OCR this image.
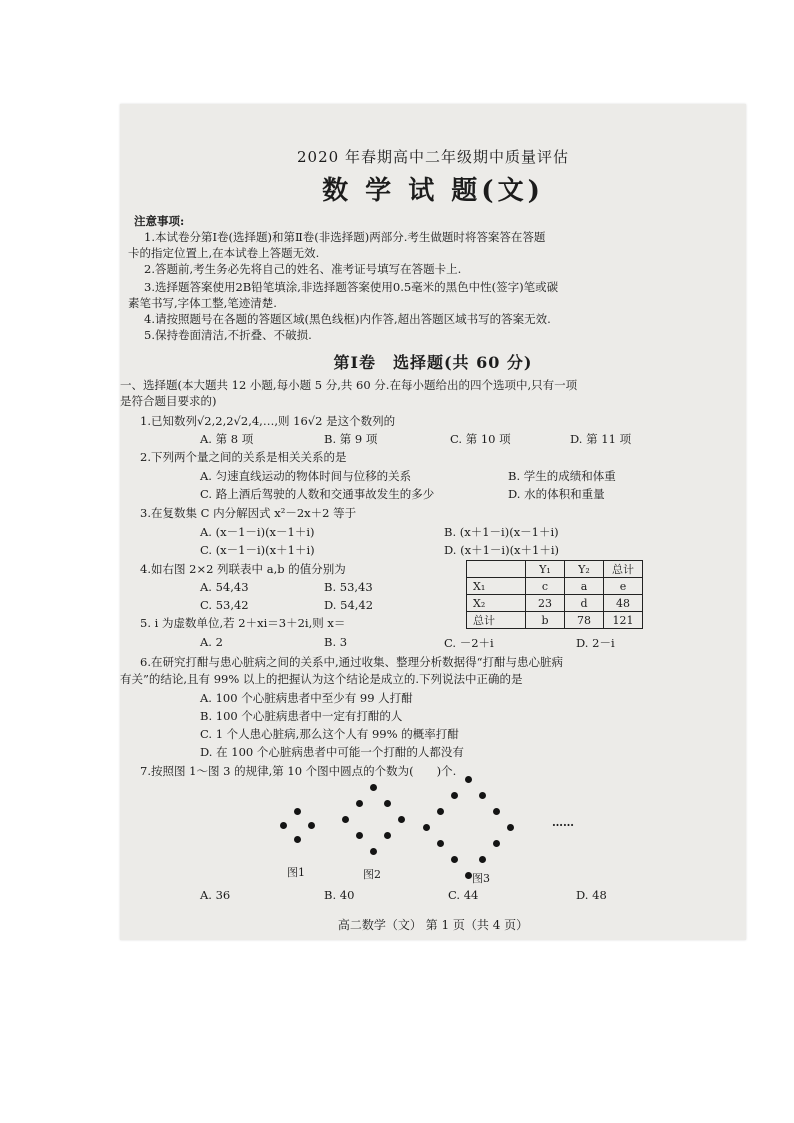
2020 年春期高中二年级期中质量评估
数 学 试 题(文)
注意事项:
1.本试卷分第Ⅰ卷(选择题)和第Ⅱ卷(非选择题)两部分.考生做题时将答案答在答题
卡的指定位置上,在本试卷上答题无效.
2.答题前,考生务必先将自己的姓名、准考证号填写在答题卡上.
3.选择题答案使用2B铅笔填涂,非选择题答案使用0.5毫米的黑色中性(签字)笔或碳
素笔书写,字体工整,笔迹清楚.
4.请按照题号在各题的答题区域(黑色线框)内作答,超出答题区域书写的答案无效.
5.保持卷面清洁,不折叠、不破损.
第Ⅰ卷　选择题(共 60 分)
一、选择题(本大题共 12 小题,每小题 5 分,共 60 分.在每小题给出的四个选项中,只有一项
是符合题目要求的)
1.已知数列√2,2,2√2,4,…,则 16√2 是这个数列的
A. 第 8 项	B. 第 9 项	C. 第 10 项	D. 第 11 项
2.下列两个量之间的关系是相关关系的是
A. 匀速直线运动的物体时间与位移的关系	B. 学生的成绩和体重
C. 路上酒后驾驶的人数和交通事故发生的多少	D. 水的体积和重量
3.在复数集 C 内分解因式 x²－2x＋2 等于
A. (x－1－i)(x－1＋i)	B. (x＋1－i)(x－1＋i)
C. (x－1－i)(x＋1＋i)	D. (x＋1－i)(x＋1＋i)
4.如右图 2×2 列联表中 a,b 的值分别为
A. 54,43	B. 53,43
C. 53,42	D. 54,42
	Y₁	Y₂	总计
X₁	c	a	e
X₂	23	d	48
总计	b	78	121
5. i 为虚数单位,若 2＋xi＝3＋2i,则 x＝
A. 2	B. 3	C. －2＋i	D. 2－i
6.在研究打酣与患心脏病之间的关系中,通过收集、整理分析数据得“打酣与患心脏病
有关”的结论,且有 99% 以上的把握认为这个结论是成立的.下列说法中正确的是
A. 100 个心脏病患者中至少有 99 人打酣
B. 100 个心脏病患者中一定有打酣的人
C. 1 个人患心脏病,那么这个人有 99% 的概率打酣
D. 在 100 个心脏病患者中可能一个打酣的人都没有
7.按照图 1～图 3 的规律,第 10 个图中圆点的个数为(　　)个.
图1	图2	图3
……
A. 36	B. 40	C. 44	D. 48
高二数学（文） 第 1 页（共 4 页）
